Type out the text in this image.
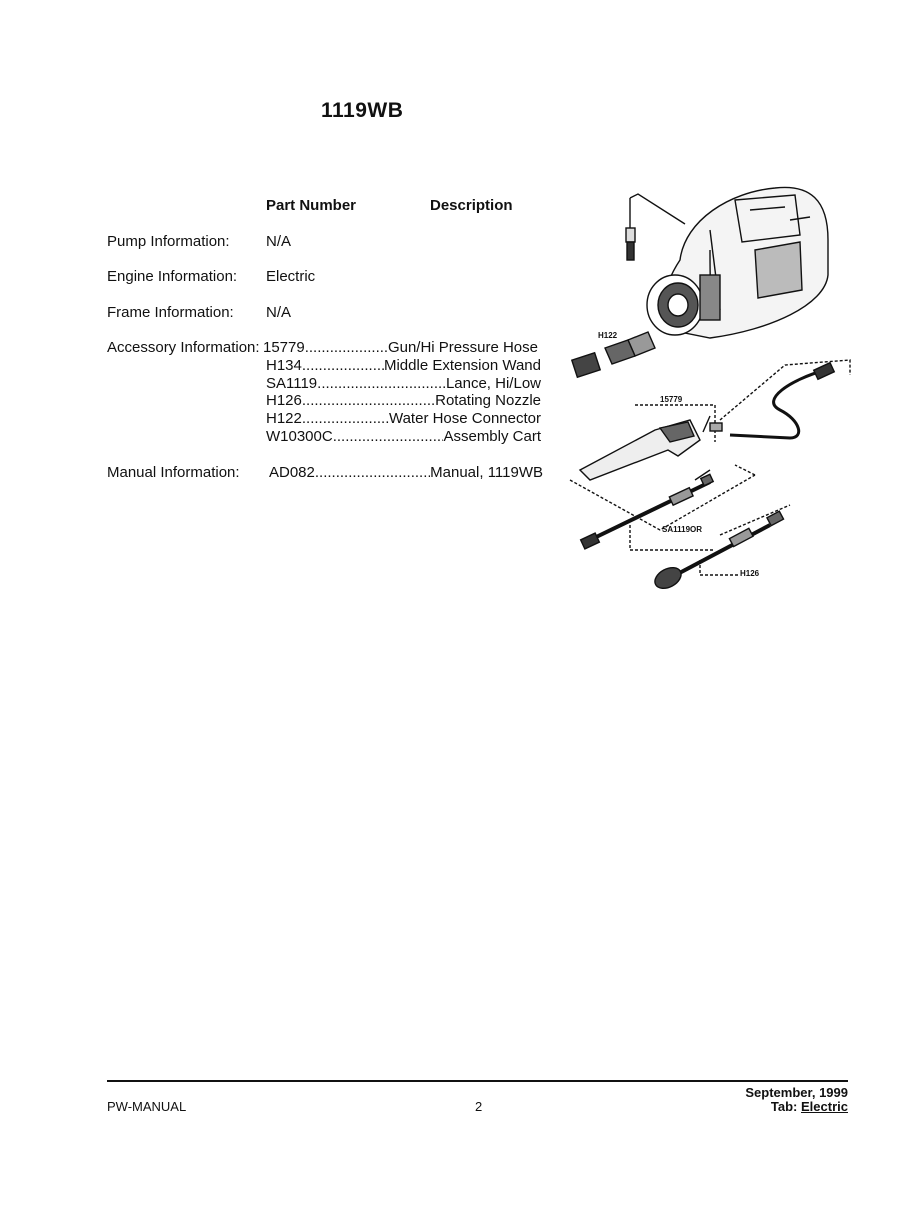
1119WB
Part Number	Description
Pump Information: N/A
Engine Information: Electric
Frame Information: N/A
Accessory Information: 15779 .....	Gun/Hi Pressure Hose
H134 .....	Middle Extension Wand
SA1119 .....	Lance, Hi/Low
H126 .....	Rotating Nozzle
H122 .....	Water Hose Connector
W10300C .....	Assembly Cart
Manual Information: AD082 .....	Manual, 1119WB
H122
15779
SA1119OR
H126
PW-MANUAL	2
September, 1999
Tab: Electric
